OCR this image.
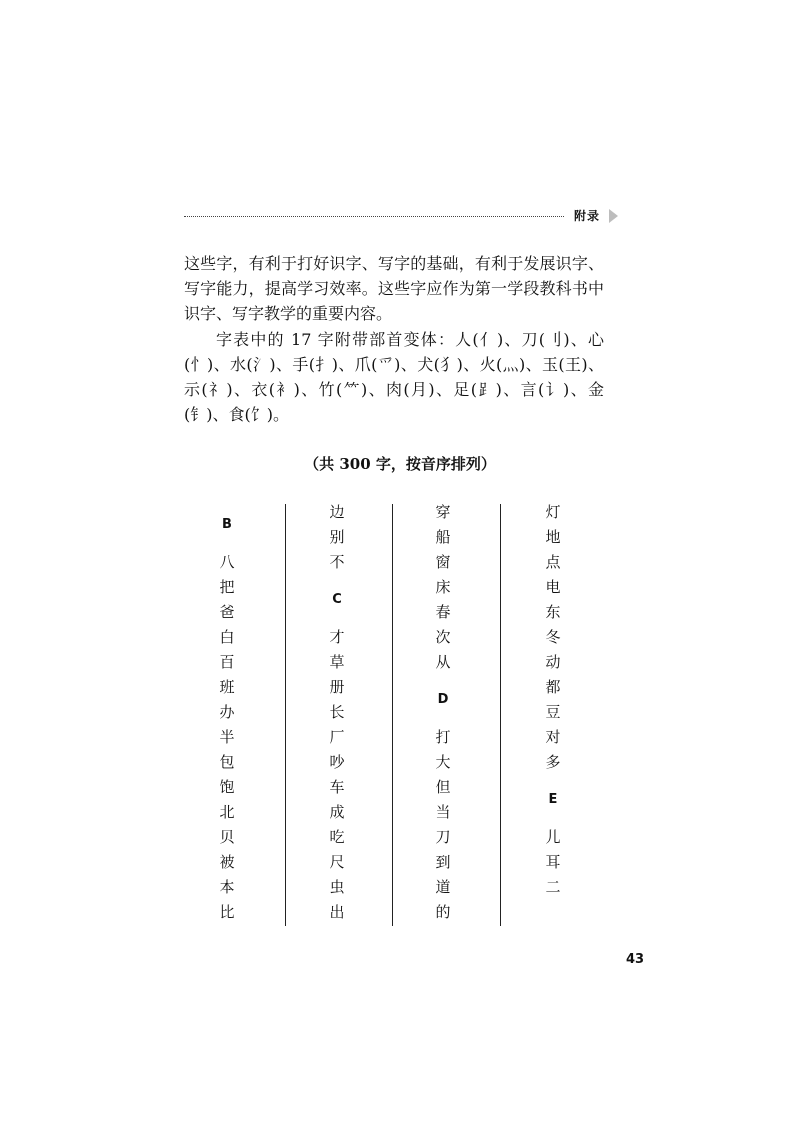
附录

这些字，有利于打好识字、写字的基础，有利于发展识字、写字能力，提高学习效率。这些字应作为第一学段教科书中识字、写字教学的重要内容。

字表中的 17 字附带部首变体：人(亻)、刀(刂)、心(忄)、水(氵)、手(扌)、爪(爫)、犬(犭)、火(灬)、玉(王)、示(礻)、衣(衤)、竹(⺮)、肉(月)、足(⻊)、言(讠)、金(钅)、食(饣)。

（共 300 字，按音序排列）
B
八
把
爸
白
百
班
办
半
包
饱
北
贝
被
本
比
边
别
不
C
才
草
册
长
厂
吵
车
成
吃
尺
虫
出
穿
船
窗
床
春
次
从
D
打
大
但
当
刀
到
道
的
灯
地
点
电
东
冬
动
都
豆
对
多
E
儿
耳
二
43
